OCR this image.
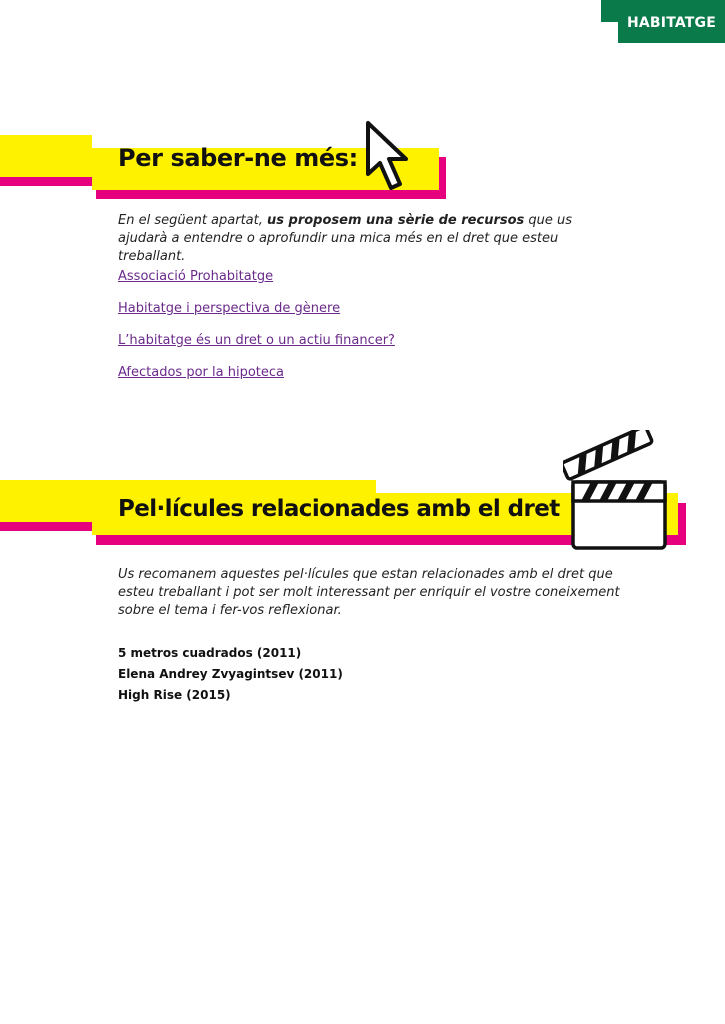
HABITATGE
Per saber-ne més:

En el següent apartat, us proposem una sèrie de recursos que us ajudarà a entendre o aprofundir una mica més en el dret que esteu treballant.

Associació Prohabitatge
Habitatge i perspectiva de gènere
L’habitatge és un dret o un actiu financer?
Afectados por la hipoteca
Pel·lícules relacionades amb el dret

Us recomanem aquestes pel·lícules que estan relacionades amb el dret que esteu treballant i pot ser molt interessant per enriquir el vostre coneixement sobre el tema i fer-vos reflexionar.

5 metros cuadrados (2011)
Elena Andrey Zvyagintsev (2011)
High Rise (2015)
